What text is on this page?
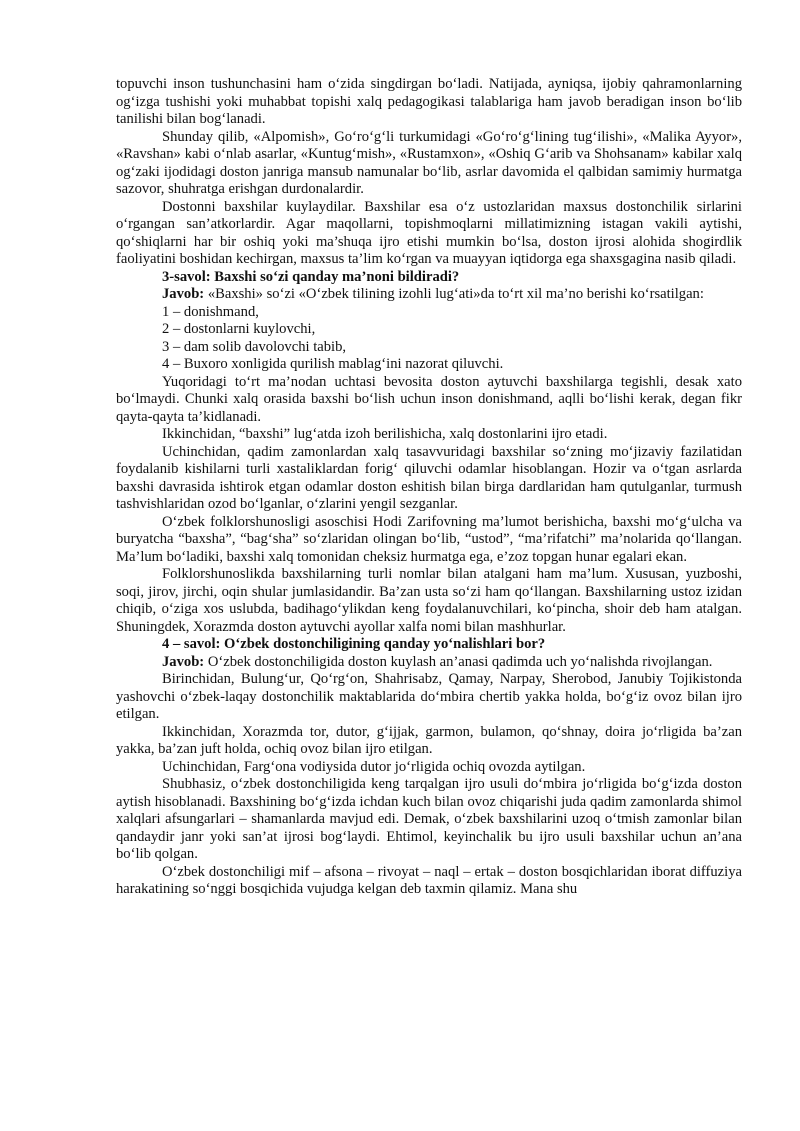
topuvchi inson tushunchasini ham o‘zida singdirgan bo‘ladi. Natijada, ayniqsa, ijobiy qahramonlarning og‘izga tushishi yoki muhabbat topishi xalq pedagogikasi talablariga ham javob beradigan inson bo‘lib tanilishi bilan bog‘lanadi.

Shunday qilib, «Alpomish», Go‘ro‘g‘li turkumidagi «Go‘ro‘g‘lining tug‘ilishi», «Malika Ayyor», «Ravshan» kabi o‘nlab asarlar, «Kuntug‘mish», «Rustamxon», «Oshiq G‘arib va Shohsanam» kabilar xalq og‘zaki ijodidagi doston janriga mansub namunalar bo‘lib, asrlar davomida el qalbidan samimiy hurmatga sazovor, shuhratga erishgan durdonalardir.

Dostonni baxshilar kuylaydilar. Baxshilar esa o‘z ustozlaridan maxsus dostonchilik sirlarini o‘rgangan san’atkorlardir. Agar maqollarni, topishmoqlarni millatimizning istagan vakili aytishi, qo‘shiqlarni har bir oshiq yoki ma’shuqa ijro etishi mumkin bo‘lsa, doston ijrosi alohida shogirdlik faoliyatini boshidan kechirgan, maxsus ta’lim ko‘rgan va muayyan iqtidorga ega shaxsgagina nasib qiladi.

3-savol: Baxshi so‘zi qanday ma’noni bildiradi?

Javob: «Baxshi» so‘zi «O‘zbek tilining izohli lug‘ati»da to‘rt xil ma’no berishi ko‘rsatilgan:

1 – donishmand,

2 – dostonlarni kuylovchi,

3 – dam solib davolovchi tabib,

4 – Buxoro xonligida qurilish mablag‘ini nazorat qiluvchi.

Yuqoridagi to‘rt ma’nodan uchtasi bevosita doston aytuvchi baxshilarga tegishli, desak xato bo‘lmaydi. Chunki xalq orasida baxshi bo‘lish uchun inson donishmand, aqlli bo‘lishi kerak, degan fikr qayta-qayta ta’kidlanadi.

Ikkinchidan, “baxshi” lug‘atda izoh berilishicha, xalq dostonlarini ijro etadi.

Uchinchidan, qadim zamonlardan xalq tasavvuridagi baxshilar so‘zning mo‘jizaviy fazilatidan foydalanib kishilarni turli xastaliklardan forig‘ qiluvchi odamlar hisoblangan. Hozir va o‘tgan asrlarda baxshi davrasida ishtirok etgan odamlar doston eshitish bilan birga dardlaridan ham qutulganlar, turmush tashvishlaridan ozod bo‘lganlar, o‘zlarini yengil sezganlar.

O‘zbek folklorshunosligi asoschisi Hodi Zarifovning ma’lumot berishicha, baxshi mo‘g‘ulcha va buryatcha “baxsha”, “bag‘sha” so‘zlaridan olingan bo‘lib, “ustod”, “ma’rifatchi” ma’nolarida qo‘llangan. Ma’lum bo‘ladiki, baxshi xalq tomonidan cheksiz hurmatga ega, e’zoz topgan hunar egalari ekan.

Folklorshunoslikda baxshilarning turli nomlar bilan atalgani ham ma’lum. Xususan, yuzboshi, soqi, jirov, jirchi, oqin shular jumlasidandir. Ba’zan usta so‘zi ham qo‘llangan. Baxshilarning ustoz izidan chiqib, o‘ziga xos uslubda, badihago‘ylikdan keng foydalanuvchilari, ko‘pincha, shoir deb ham atalgan. Shuningdek, Xorazmda doston aytuvchi ayollar xalfa nomi bilan mashhurlar.

4 – savol: O‘zbek dostonchiligining qanday yo‘nalishlari bor?

Javob: O‘zbek dostonchiligida doston kuylash an’anasi qadimda uch yo‘nalishda rivojlangan.

Birinchidan, Bulung‘ur, Qo‘rg‘on, Shahrisabz, Qamay, Narpay, Sherobod, Janubiy Tojikistonda yashovchi o‘zbek-laqay dostonchilik maktablarida do‘mbira chertib yakka holda, bo‘g‘iz ovoz bilan ijro etilgan.

Ikkinchidan, Xorazmda tor, dutor, g‘ijjak, garmon, bulamon, qo‘shnay, doira jo‘rligida ba’zan yakka, ba’zan juft holda, ochiq ovoz bilan ijro etilgan.

Uchinchidan, Farg‘ona vodiysida dutor jo‘rligida ochiq ovozda aytilgan.

Shubhasiz, o‘zbek dostonchiligida keng tarqalgan ijro usuli do‘mbira jo‘rligida bo‘g‘izda doston aytish hisoblanadi. Baxshining bo‘g‘izda ichdan kuch bilan ovoz chiqarishi juda qadim zamonlarda shimol xalqlari afsungarlari – shamanlarda mavjud edi. Demak, o‘zbek baxshilarini uzoq o‘tmish zamonlar bilan qandaydir janr yoki san’at ijrosi bog‘laydi. Ehtimol, keyinchalik bu ijro usuli baxshilar uchun an’ana bo‘lib qolgan.

O‘zbek dostonchiligi mif – afsona – rivoyat – naql – ertak – doston bosqichlaridan iborat diffuziya harakatining so‘nggi bosqichida vujudga kelgan deb taxmin qilamiz. Mana shu
